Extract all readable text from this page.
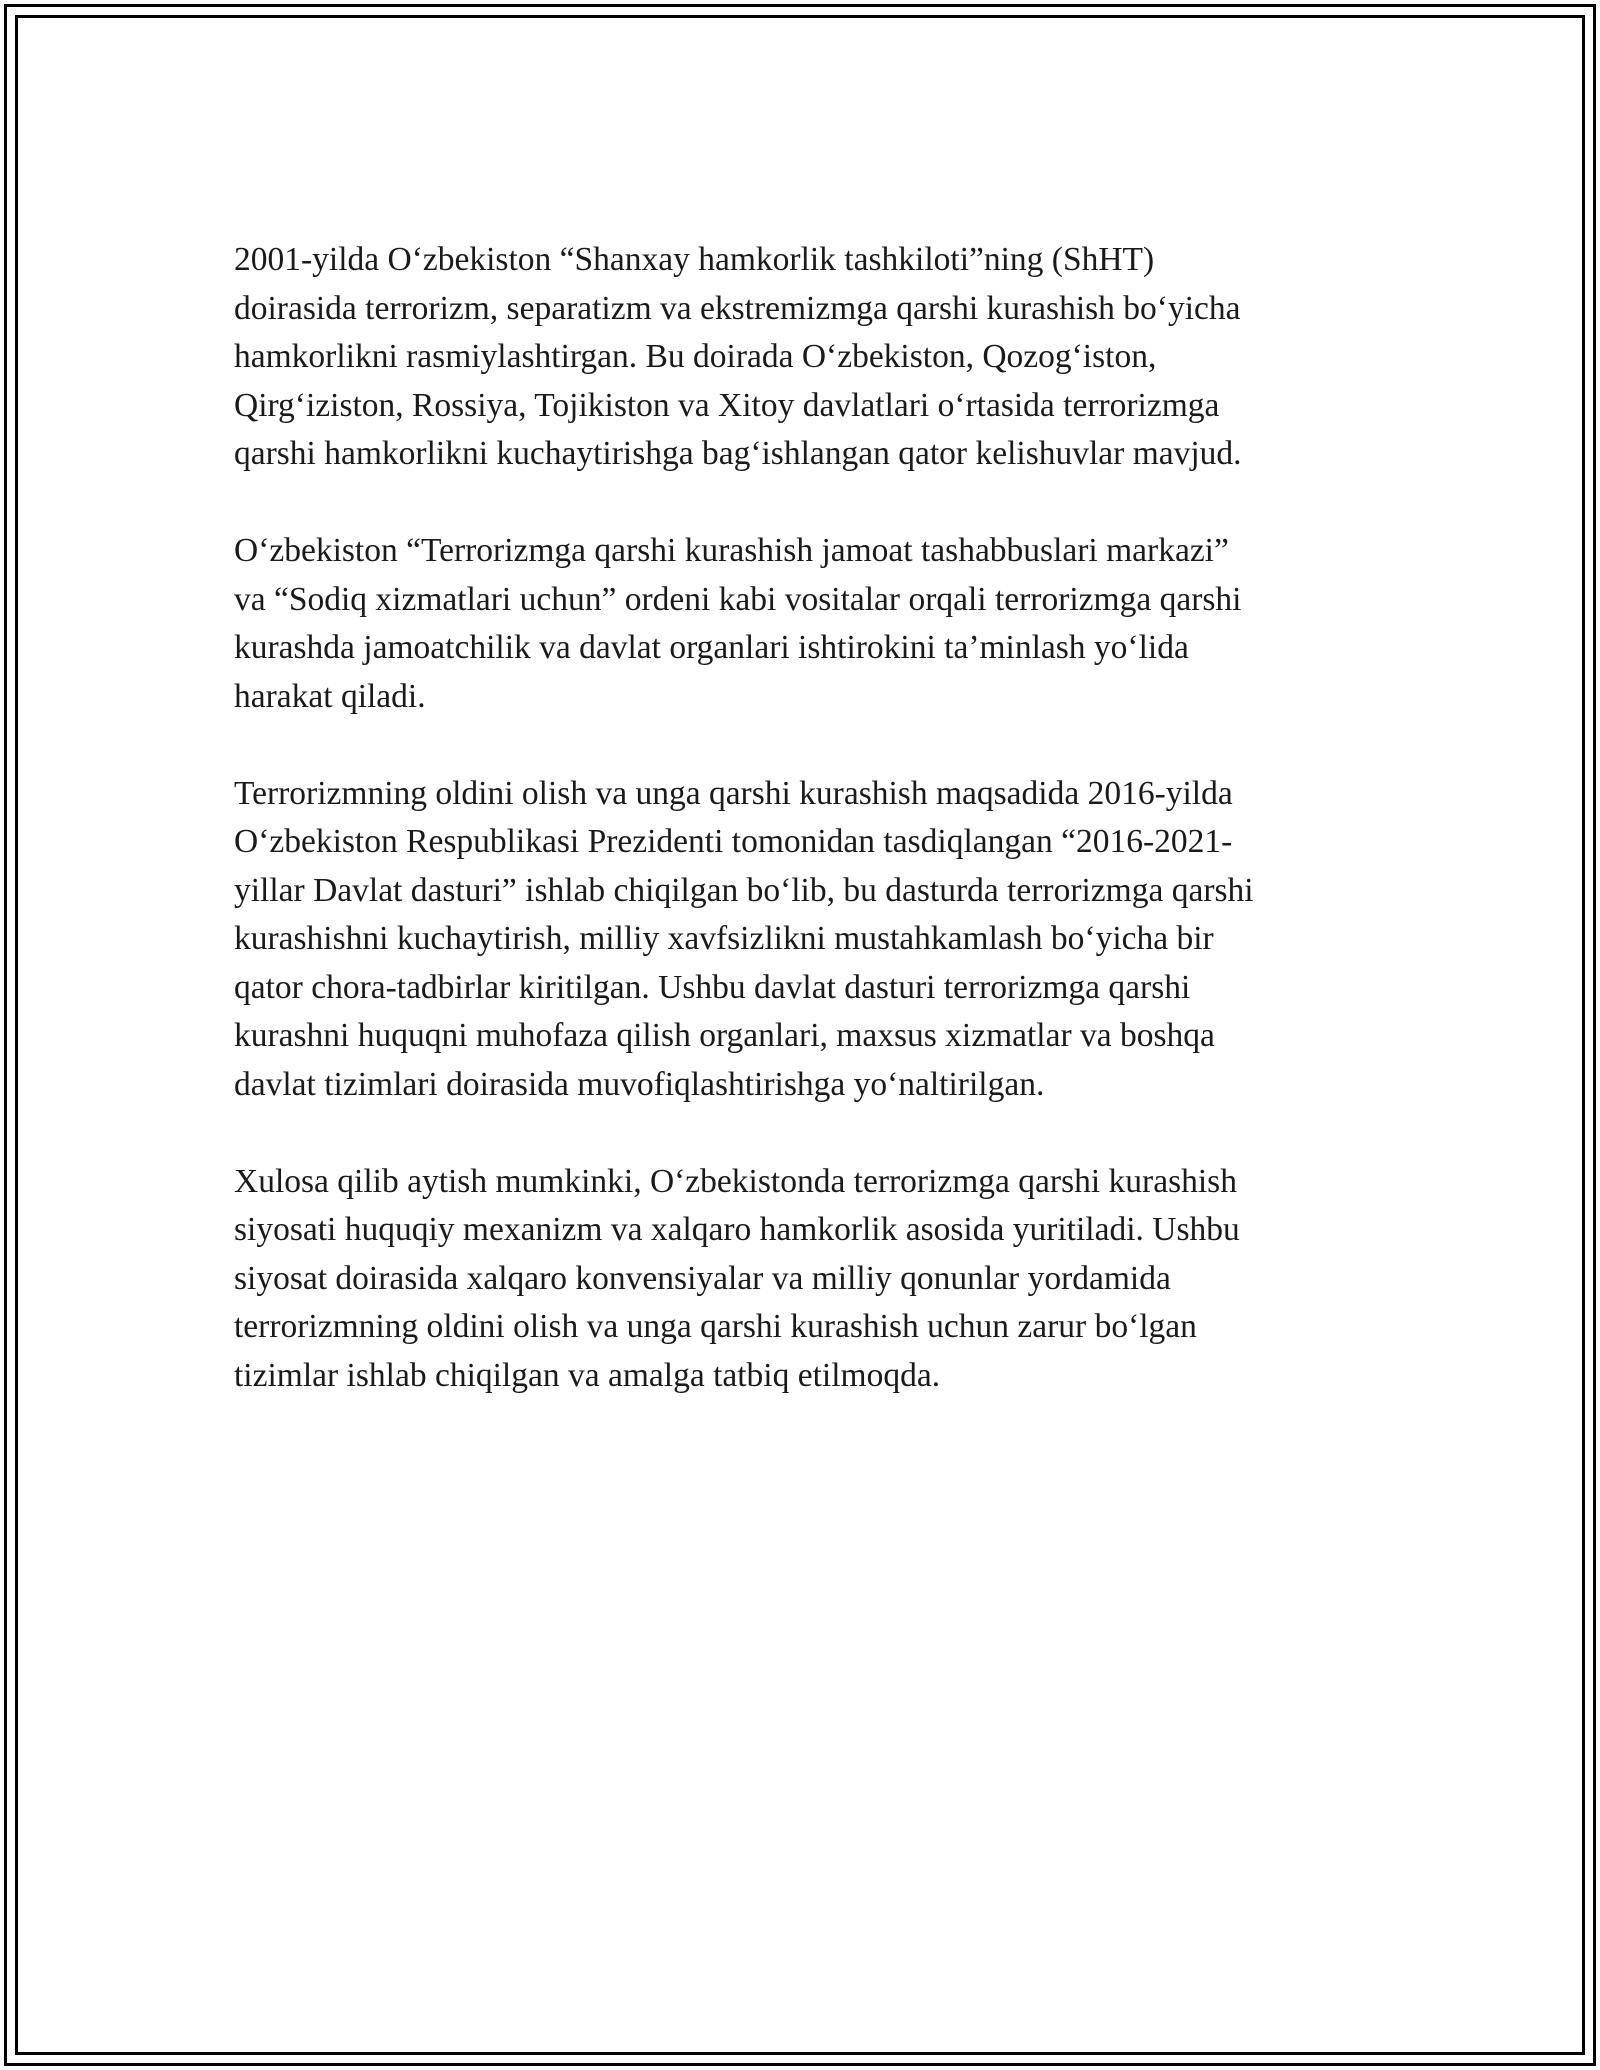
2001-yilda O‘zbekiston “Shanxay hamkorlik tashkiloti”ning (ShHT)
doirasida terrorizm, separatizm va ekstremizmga qarshi kurashish bo‘yicha
hamkorlikni rasmiylashtirgan. Bu doirada O‘zbekiston, Qozog‘iston,
Qirg‘iziston, Rossiya, Tojikiston va Xitoy davlatlari o‘rtasida terrorizmga
qarshi hamkorlikni kuchaytirishga bag‘ishlangan qator kelishuvlar mavjud.

O‘zbekiston “Terrorizmga qarshi kurashish jamoat tashabbuslari markazi”
va “Sodiq xizmatlari uchun” ordeni kabi vositalar orqali terrorizmga qarshi
kurashda jamoatchilik va davlat organlari ishtirokini ta’minlash yo‘lida
harakat qiladi.

Terrorizmning oldini olish va unga qarshi kurashish maqsadida 2016-yilda
O‘zbekiston Respublikasi Prezidenti tomonidan tasdiqlangan “2016-2021-
yillar Davlat dasturi” ishlab chiqilgan bo‘lib, bu dasturda terrorizmga qarshi
kurashishni kuchaytirish, milliy xavfsizlikni mustahkamlash bo‘yicha bir
qator chora-tadbirlar kiritilgan. Ushbu davlat dasturi terrorizmga qarshi
kurashni huquqni muhofaza qilish organlari, maxsus xizmatlar va boshqa
davlat tizimlari doirasida muvofiqlashtirishga yo‘naltirilgan.

Xulosa qilib aytish mumkinki, O‘zbekistonda terrorizmga qarshi kurashish
siyosati huquqiy mexanizm va xalqaro hamkorlik asosida yuritiladi. Ushbu
siyosat doirasida xalqaro konvensiyalar va milliy qonunlar yordamida
terrorizmning oldini olish va unga qarshi kurashish uchun zarur bo‘lgan
tizimlar ishlab chiqilgan va amalga tatbiq etilmoqda.
